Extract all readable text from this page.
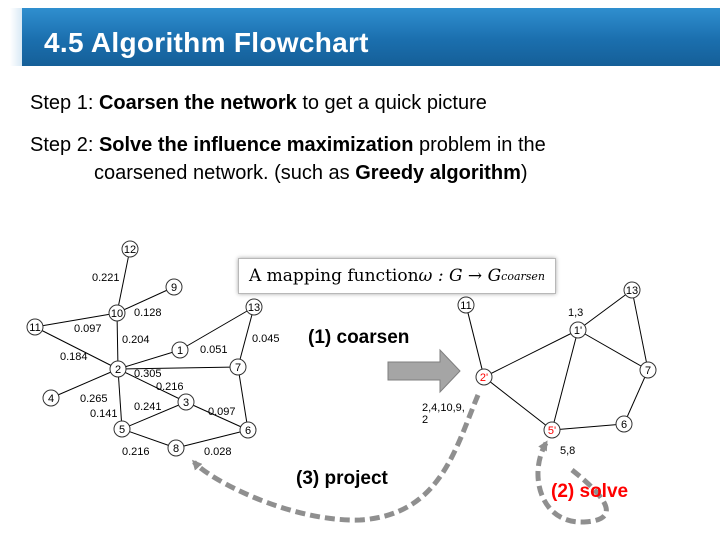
4.5 Algorithm Flowchart
Step 1: Coarsen the network to get a quick picture
Step 2: Solve the influence maximization problem in the
coarsened network. (such as Greedy algorithm)
12
9
10
11
13
1
2	7
4	3
5	6
8
0.221
0.128
0.097
0.204
0.184
0.051
0.045
0.305
0.216
0.265
0.141
0.241	0.097
0.216	0.028
11
13
1'
2'
7
5'	6
1,3
2,4,10,9,
2
5,8
A mapping function ω : G → G coarsen
(1) coarsen
(3) project
(2) solve
